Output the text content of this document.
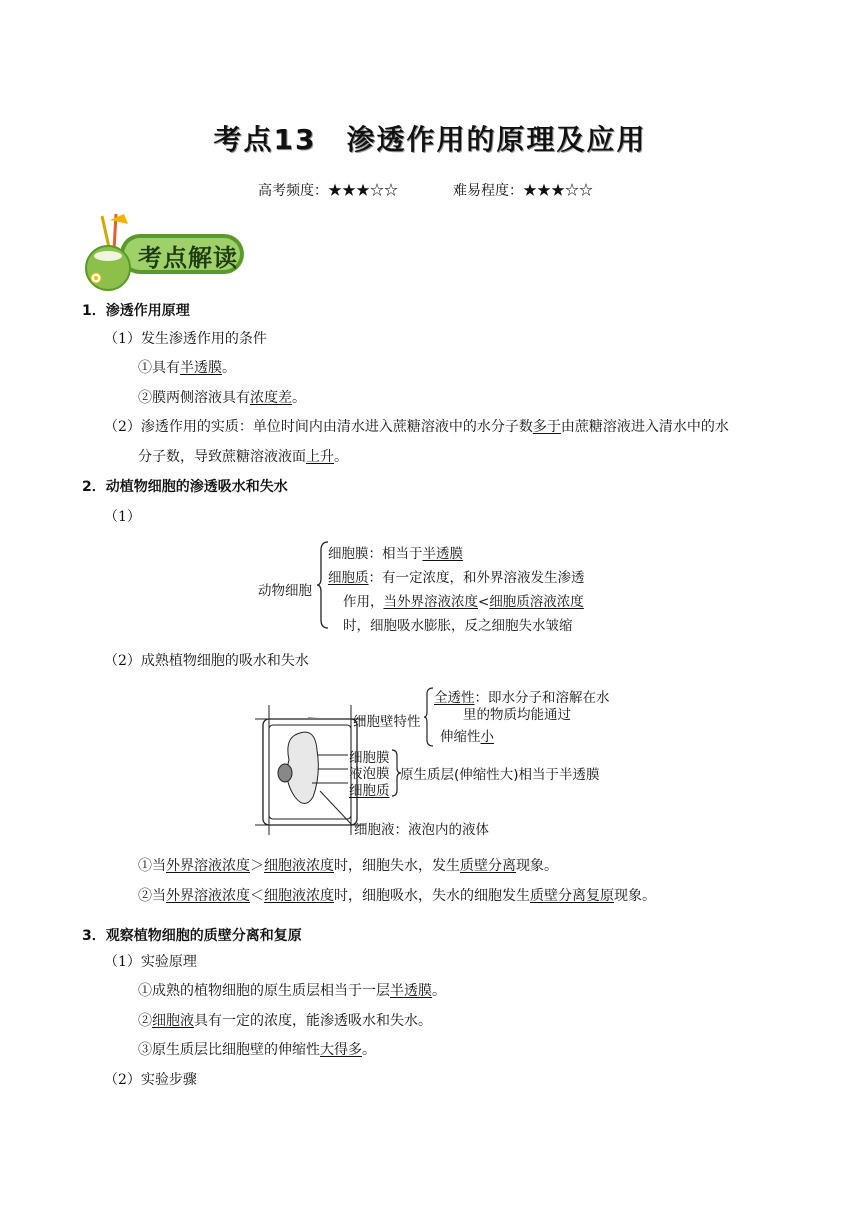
考点13　渗透作用的原理及应用
高考频度：★★★☆☆	难易程度：★★★☆☆
考点解读
1．渗透作用原理
（1）发生渗透作用的条件
①具有半透膜。
②膜两侧溶液具有浓度差。
（2）渗透作用的实质：单位时间内由清水进入蔗糖溶液中的水分子数多于由蔗糖溶液进入清水中的水
分子数，导致蔗糖溶液液面上升。
2．动植物细胞的渗透吸水和失水
（1）
动物细胞
细胞膜：相当于半透膜
细胞质：有一定浓度，和外界溶液发生渗透
作用，当外界溶液浓度<细胞质溶液浓度
时，细胞吸水膨胀，反之细胞失水皱缩
（2）成熟植物细胞的吸水和失水
细胞壁特性
全透性：即水分子和溶解在水
里的物质均能通过
伸缩性小
细胞膜
液泡膜
细胞质
原生质层(伸缩性大)相当于半透膜
细胞液：液泡内的液体
①当外界溶液浓度＞细胞液浓度时，细胞失水，发生质壁分离现象。
②当外界溶液浓度＜细胞液浓度时，细胞吸水，失水的细胞发生质壁分离复原现象。
3．观察植物细胞的质壁分离和复原
（1）实验原理
①成熟的植物细胞的原生质层相当于一层半透膜。
②细胞液具有一定的浓度，能渗透吸水和失水。
③原生质层比细胞壁的伸缩性大得多。
（2）实验步骤
